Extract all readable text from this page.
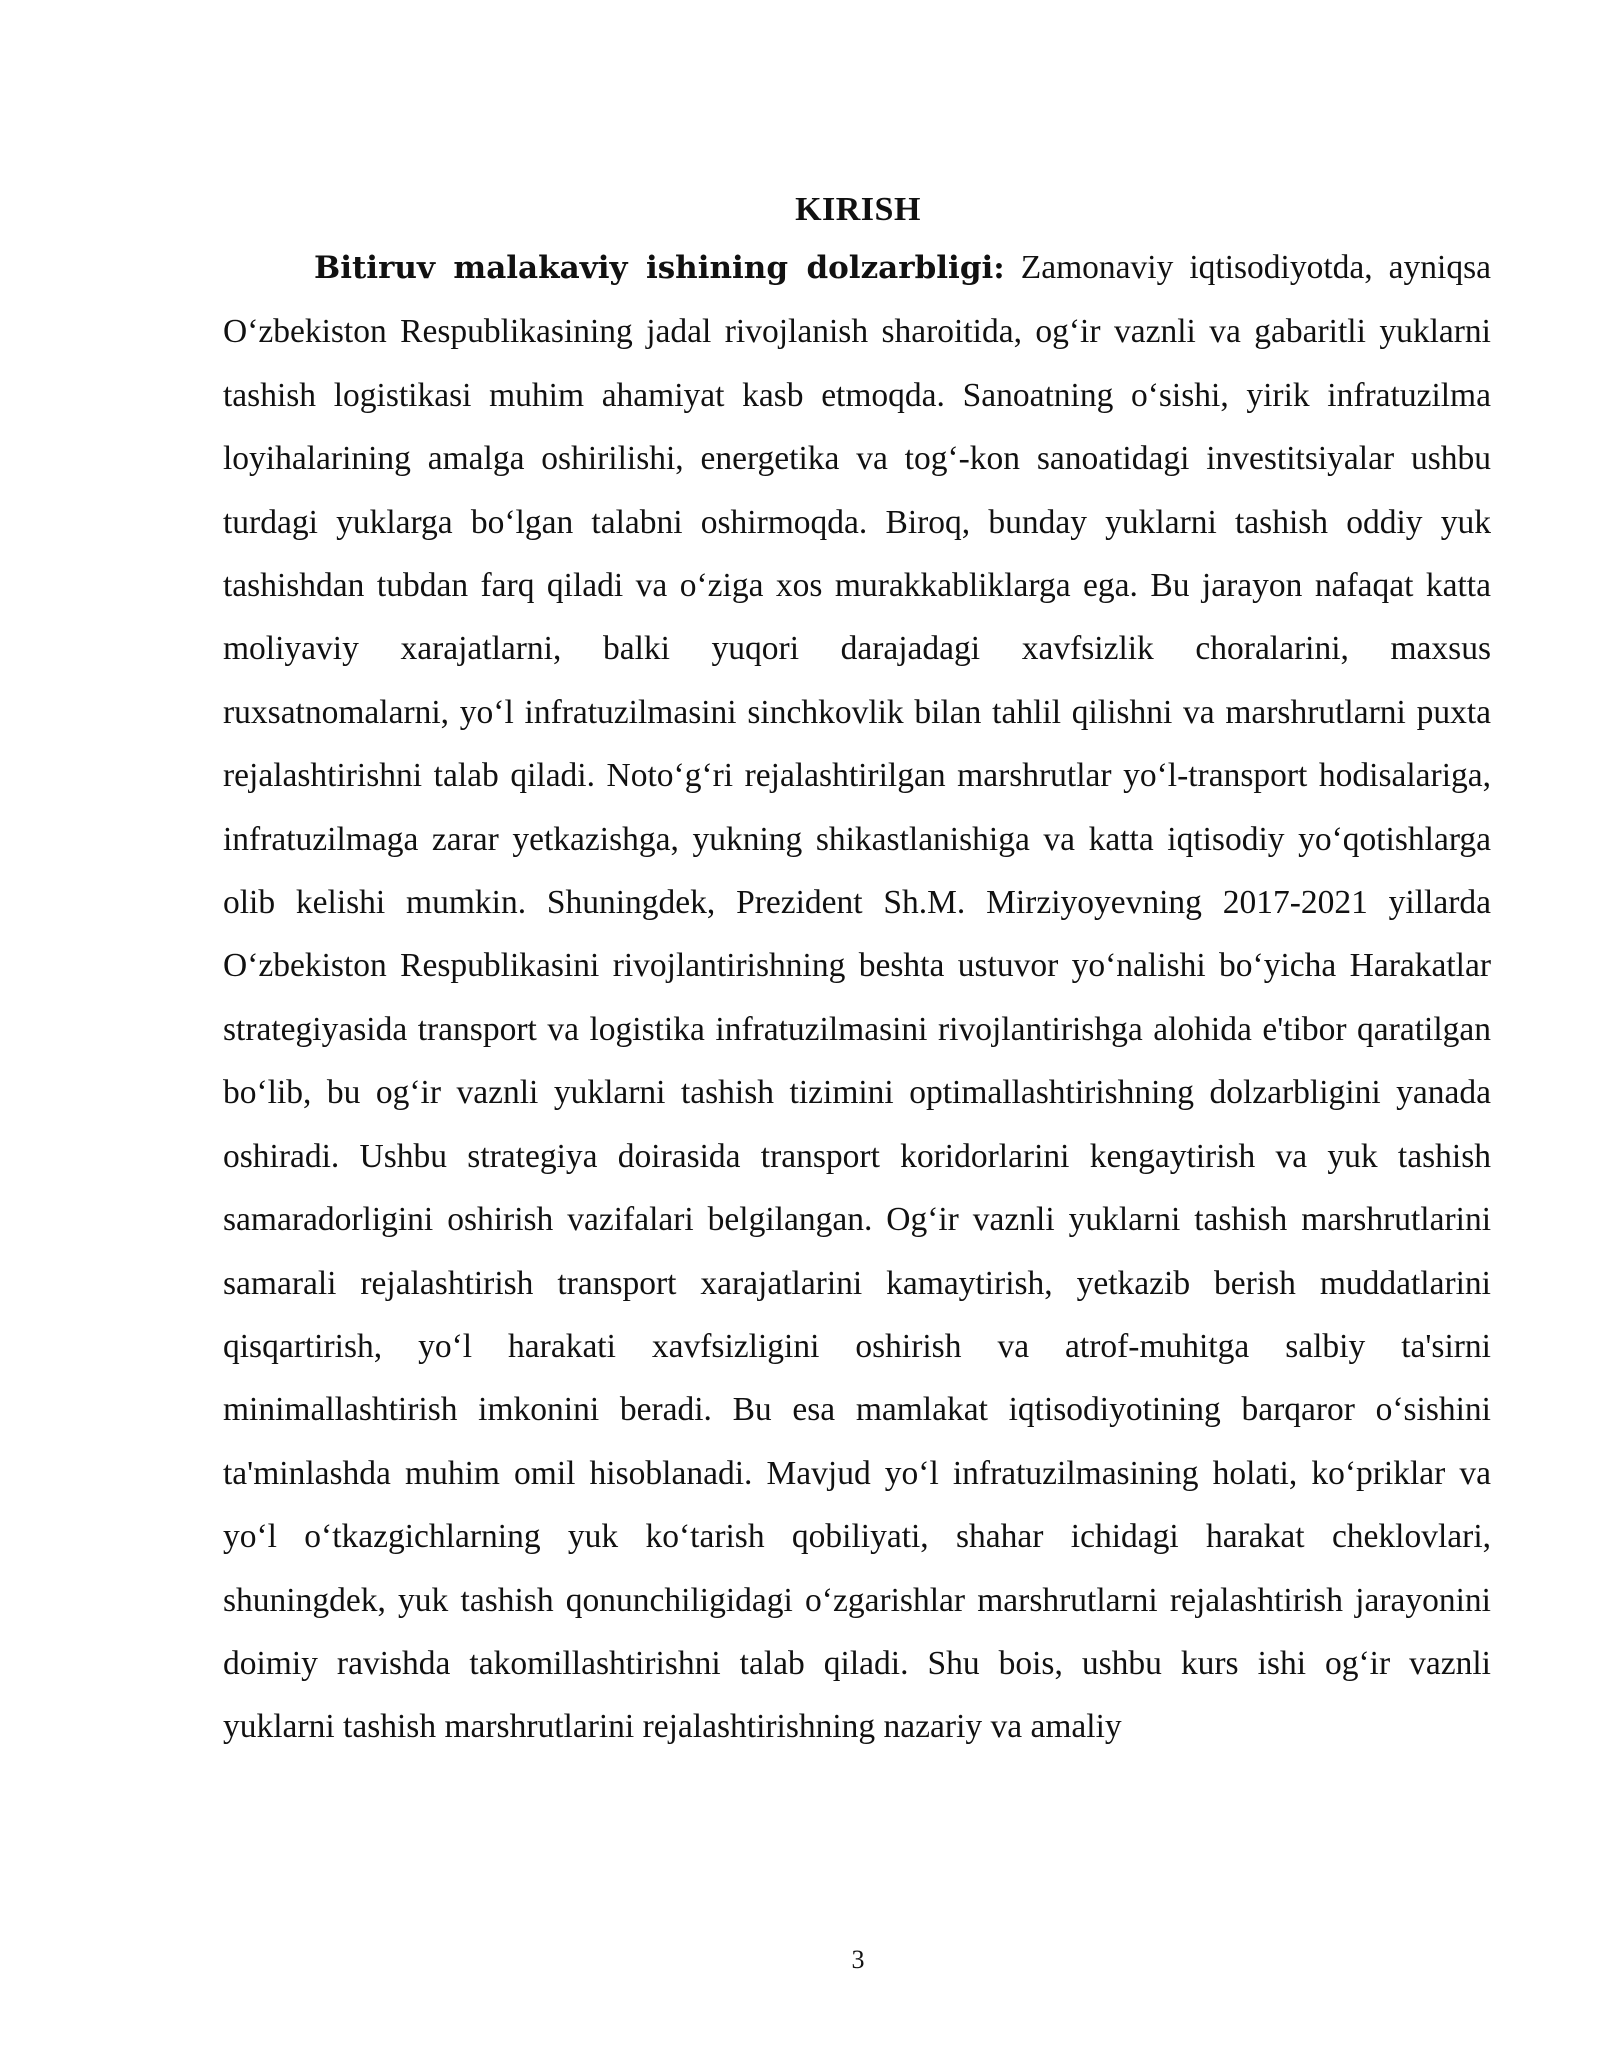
KIRISH

Bitiruv malakaviy ishining dolzarbligi: Zamonaviy iqtisodiyotda, ayniqsa O‘zbekiston Respublikasining jadal rivojlanish sharoitida, og‘ir vaznli va gabaritli yuklarni tashish logistikasi muhim ahamiyat kasb etmoqda. Sanoatning o‘sishi, yirik infratuzilma loyihalarining amalga oshirilishi, energetika va tog‘-kon sanoatidagi investitsiyalar ushbu turdagi yuklarga bo‘lgan talabni oshirmoqda. Biroq, bunday yuklarni tashish oddiy yuk tashishdan tubdan farq qiladi va o‘ziga xos murakkabliklarga ega. Bu jarayon nafaqat katta moliyaviy xarajatlarni, balki yuqori darajadagi xavfsizlik choralarini, maxsus ruxsatnomalarni, yo‘l infratuzilmasini sinchkovlik bilan tahlil qilishni va marshrutlarni puxta rejalashtirishni talab qiladi. Noto‘g‘ri rejalashtirilgan marshrutlar yo‘l-transport hodisalariga, infratuzilmaga zarar yetkazishga, yukning shikastlanishiga va katta iqtisodiy yo‘qotishlarga olib kelishi mumkin. Shuningdek, Prezident Sh.M. Mirziyoyevning 2017-2021 yillarda O‘zbekiston Respublikasini rivojlantirishning beshta ustuvor yo‘nalishi bo‘yicha Harakatlar strategiyasida transport va logistika infratuzilmasini rivojlantirishga alohida e'tibor qaratilgan bo‘lib, bu og‘ir vaznli yuklarni tashish tizimini optimallashtirishning dolzarbligini yanada oshiradi. Ushbu strategiya doirasida transport koridorlarini kengaytirish va yuk tashish samaradorligini oshirish vazifalari belgilangan. Og‘ir vaznli yuklarni tashish marshrutlarini samarali rejalashtirish transport xarajatlarini kamaytirish, yetkazib berish muddatlarini qisqartirish, yo‘l harakati xavfsizligini oshirish va atrof-muhitga salbiy ta'sirni minimallashtirish imkonini beradi. Bu esa mamlakat iqtisodiyotining barqaror o‘sishini ta'minlashda muhim omil hisoblanadi. Mavjud yo‘l infratuzilmasining holati, ko‘priklar va yo‘l o‘tkazgichlarning yuk ko‘tarish qobiliyati, shahar ichidagi harakat cheklovlari, shuningdek, yuk tashish qonunchiligidagi o‘zgarishlar marshrutlarni rejalashtirish jarayonini doimiy ravishda takomillashtirishni talab qiladi. Shu bois, ushbu kurs ishi og‘ir vaznli yuklarni tashish marshrutlarini rejalashtirishning nazariy va amaliy

3
